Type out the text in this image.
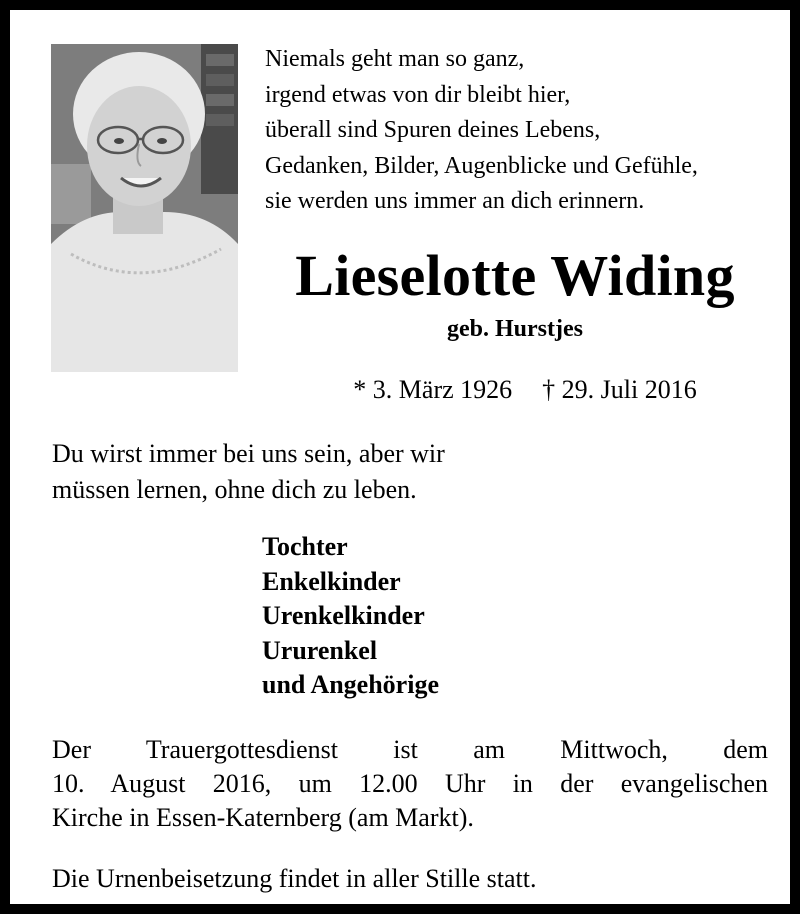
Niemals geht man so ganz,
irgend etwas von dir bleibt hier,
überall sind Spuren deines Lebens,
Gedanken, Bilder, Augenblicke und Gefühle,
sie werden uns immer an dich erinnern.
Lieselotte Widing
geb. Hurstjes
* 3. März 1926 † 29. Juli 2016
Du wirst immer bei uns sein, aber wir
müssen lernen, ohne dich zu leben.
Tochter
Enkelkinder
Urenkelkinder
Ururenkel
und Angehörige
Der Trauergottesdienst ist am Mittwoch, dem
10. August 2016, um 12.00 Uhr in der evangelischen
Kirche in Essen-Katernberg (am Markt).
Die Urnenbeisetzung findet in aller Stille statt.
